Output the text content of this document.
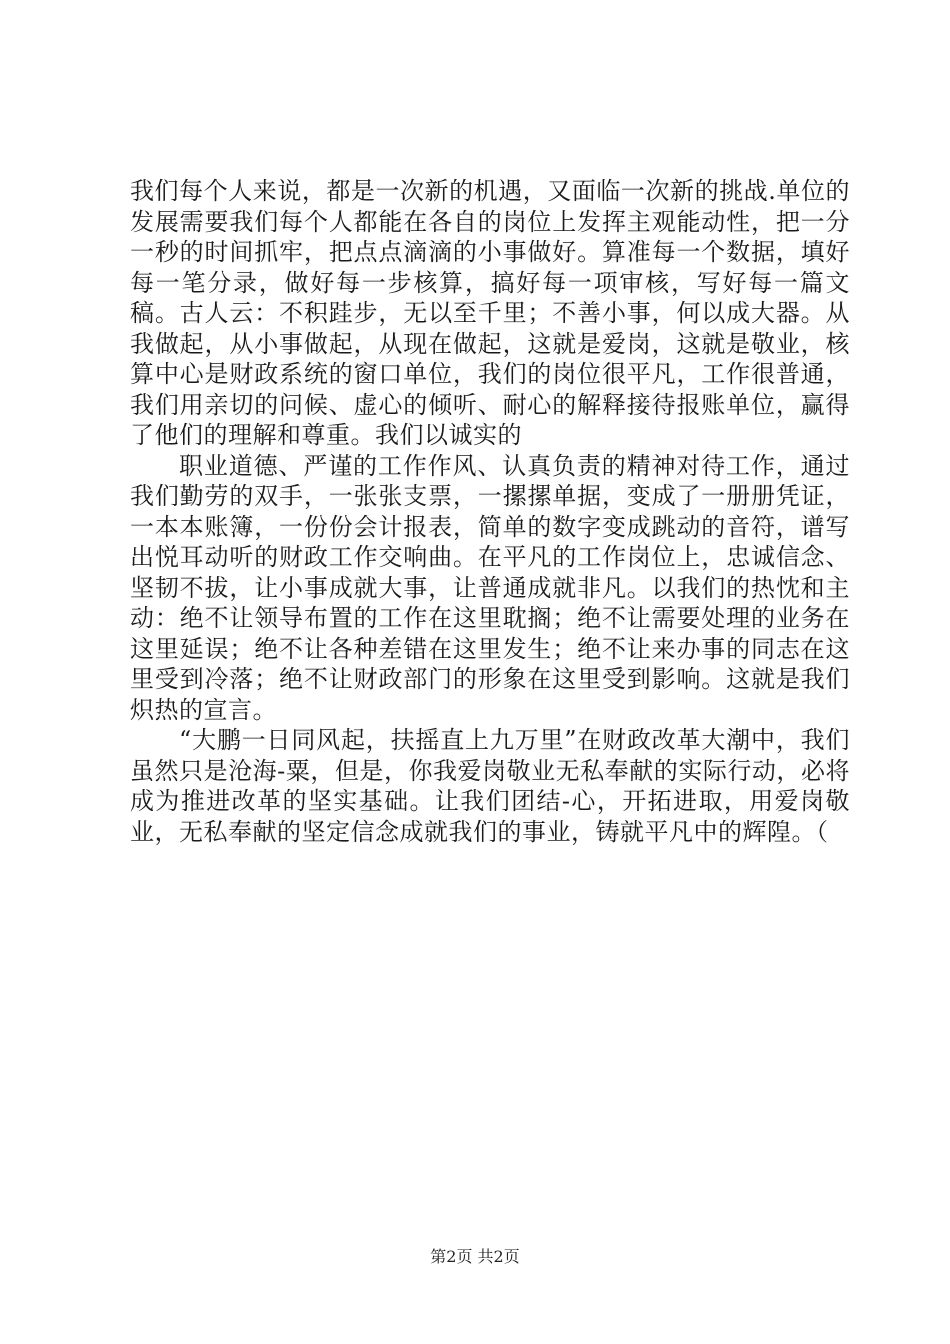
我们每个人来说，都是一次新的机遇，又面临一次新的挑战.单位的发展需要我们每个人都能在各自的岗位上发挥主观能动性，把一分一秒的时间抓牢，把点点滴滴的小事做好。算准每一个数据，填好每一笔分录，做好每一步核算，搞好每一项审核，写好每一篇文稿。古人云：不积跬步，无以至千里；不善小事，何以成大器。从我做起，从小事做起，从现在做起，这就是爱岗，这就是敬业，核算中心是财政系统的窗口单位，我们的岗位很平凡，工作很普通，我们用亲切的问候、虚心的倾听、耐心的解释接待报账单位，赢得了他们的理解和尊重。我们以诚实的

职业道德、严谨的工作作风、认真负责的精神对待工作，通过我们勤劳的双手，一张张支票，一摞摞单据，变成了一册册凭证，一本本账簿，一份份会计报表，简单的数字变成跳动的音符，谱写出悦耳动听的财政工作交响曲。在平凡的工作岗位上，忠诚信念、坚韧不拔，让小事成就大事，让普通成就非凡。以我们的热忱和主动：绝不让领导布置的工作在这里耽搁；绝不让需要处理的业务在这里延误；绝不让各种差错在这里发生；绝不让来办事的同志在这里受到冷落；绝不让财政部门的形象在这里受到影响。这就是我们炽热的宣言。

“大鹏一日同风起，扶摇直上九万里”在财政改革大潮中，我们虽然只是沧海-粟，但是，你我爱岗敬业无私奉献的实际行动，必将成为推进改革的坚实基础。让我们团结-心，开拓进取，用爱岗敬业，无私奉献的坚定信念成就我们的事业，铸就平凡中的辉隍。（

第2页 共2页
